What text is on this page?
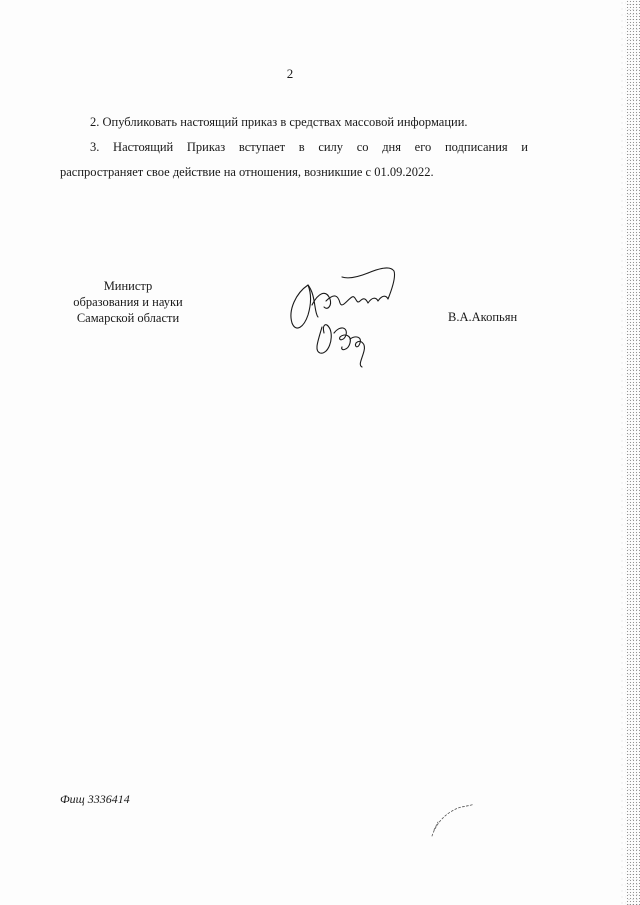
2
2. Опубликовать настоящий приказ в средствах массовой информации.
3. Настоящий Приказ вступает в силу со дня его подписания и
распространяет свое действие на отношения, возникшие с 01.09.2022.
Министр
образования и науки
Самарской области	В.А.Акопьян
Фищ 3336414
